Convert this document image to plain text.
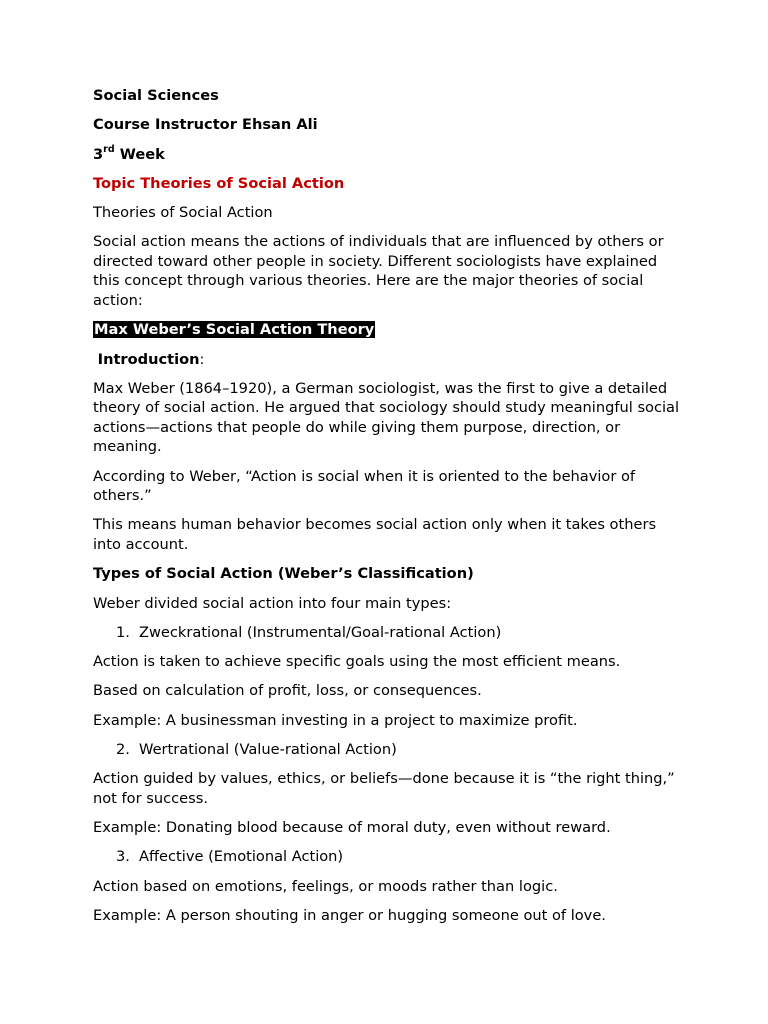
Social Sciences

Course Instructor Ehsan Ali

3rd Week

Topic Theories of Social Action

Theories of Social Action

Social action means the actions of individuals that are influenced by others or directed toward other people in society. Different sociologists have explained this concept through various theories. Here are the major theories of social action:

Max Weber’s Social Action Theory

Introduction:

Max Weber (1864–1920), a German sociologist, was the first to give a detailed theory of social action. He argued that sociology should study meaningful social actions—actions that people do while giving them purpose, direction, or meaning.

According to Weber, “Action is social when it is oriented to the behavior of others.”

This means human behavior becomes social action only when it takes others into account.

Types of Social Action (Weber’s Classification)

Weber divided social action into four main types:

1. Zweckrational (Instrumental/Goal-rational Action)

Action is taken to achieve specific goals using the most efficient means.

Based on calculation of profit, loss, or consequences.

Example: A businessman investing in a project to maximize profit.

2. Wertrational (Value-rational Action)

Action guided by values, ethics, or beliefs—done because it is “the right thing,” not for success.

Example: Donating blood because of moral duty, even without reward.

3. Affective (Emotional Action)

Action based on emotions, feelings, or moods rather than logic.

Example: A person shouting in anger or hugging someone out of love.
